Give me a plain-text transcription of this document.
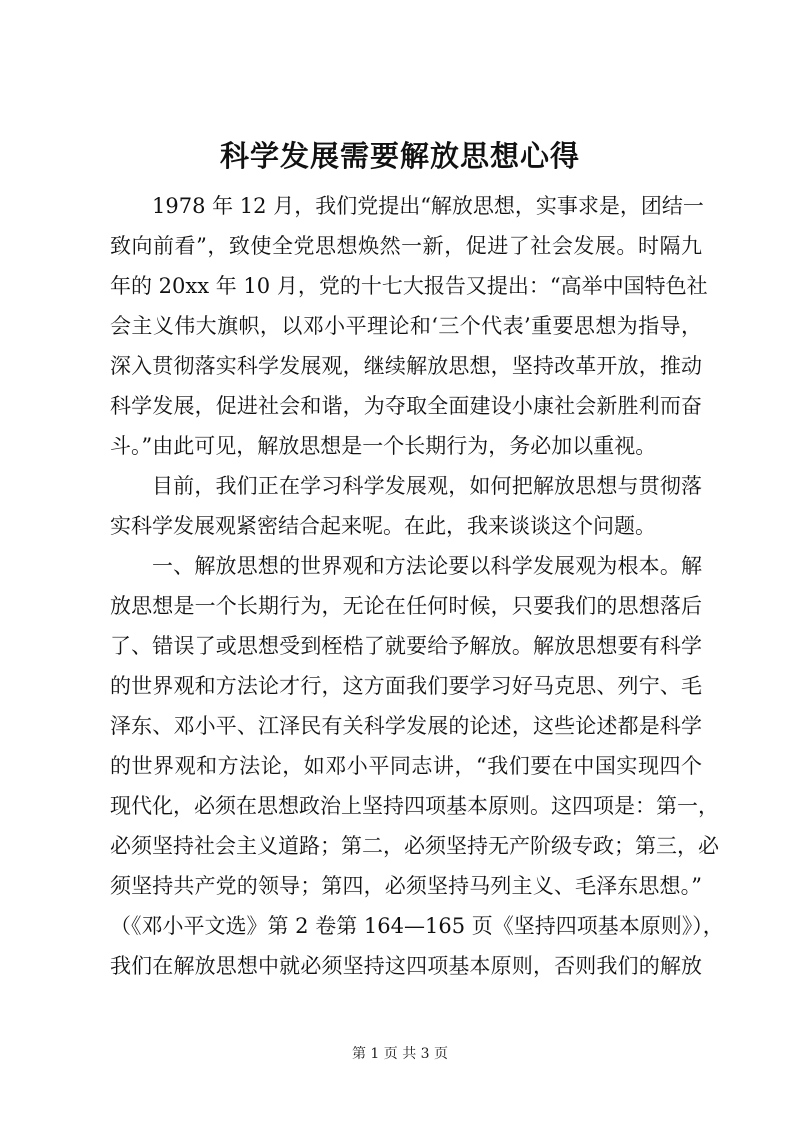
科学发展需要解放思想心得
1978 年 12 月，我们党提出“解放思想，实事求是，团结一
致向前看”，致使全党思想焕然一新，促进了社会发展。时隔九
年的 20xx 年 10 月，党的十七大报告又提出：“高举中国特色社
会主义伟大旗帜，以邓小平理论和‘三个代表’重要思想为指导，
深入贯彻落实科学发展观，继续解放思想，坚持改革开放，推动
科学发展，促进社会和谐，为夺取全面建设小康社会新胜利而奋
斗。”由此可见，解放思想是一个长期行为，务必加以重视。
目前，我们正在学习科学发展观，如何把解放思想与贯彻落
实科学发展观紧密结合起来呢。在此，我来谈谈这个问题。
一、解放思想的世界观和方法论要以科学发展观为根本。解
放思想是一个长期行为，无论在任何时候，只要我们的思想落后
了、错误了或思想受到桎梏了就要给予解放。解放思想要有科学
的世界观和方法论才行，这方面我们要学习好马克思、列宁、毛
泽东、邓小平、江泽民有关科学发展的论述，这些论述都是科学
的世界观和方法论，如邓小平同志讲，“我们要在中国实现四个
现代化，必须在思想政治上坚持四项基本原则。这四项是：第一，
必须坚持社会主义道路；第二，必须坚持无产阶级专政；第三，必
须坚持共产党的领导；第四，必须坚持马列主义、毛泽东思想。”
（《邓小平文选》第 2 卷第 164—165 页《坚持四项基本原则》），
我们在解放思想中就必须坚持这四项基本原则，否则我们的解放
第 1 页 共 3 页
